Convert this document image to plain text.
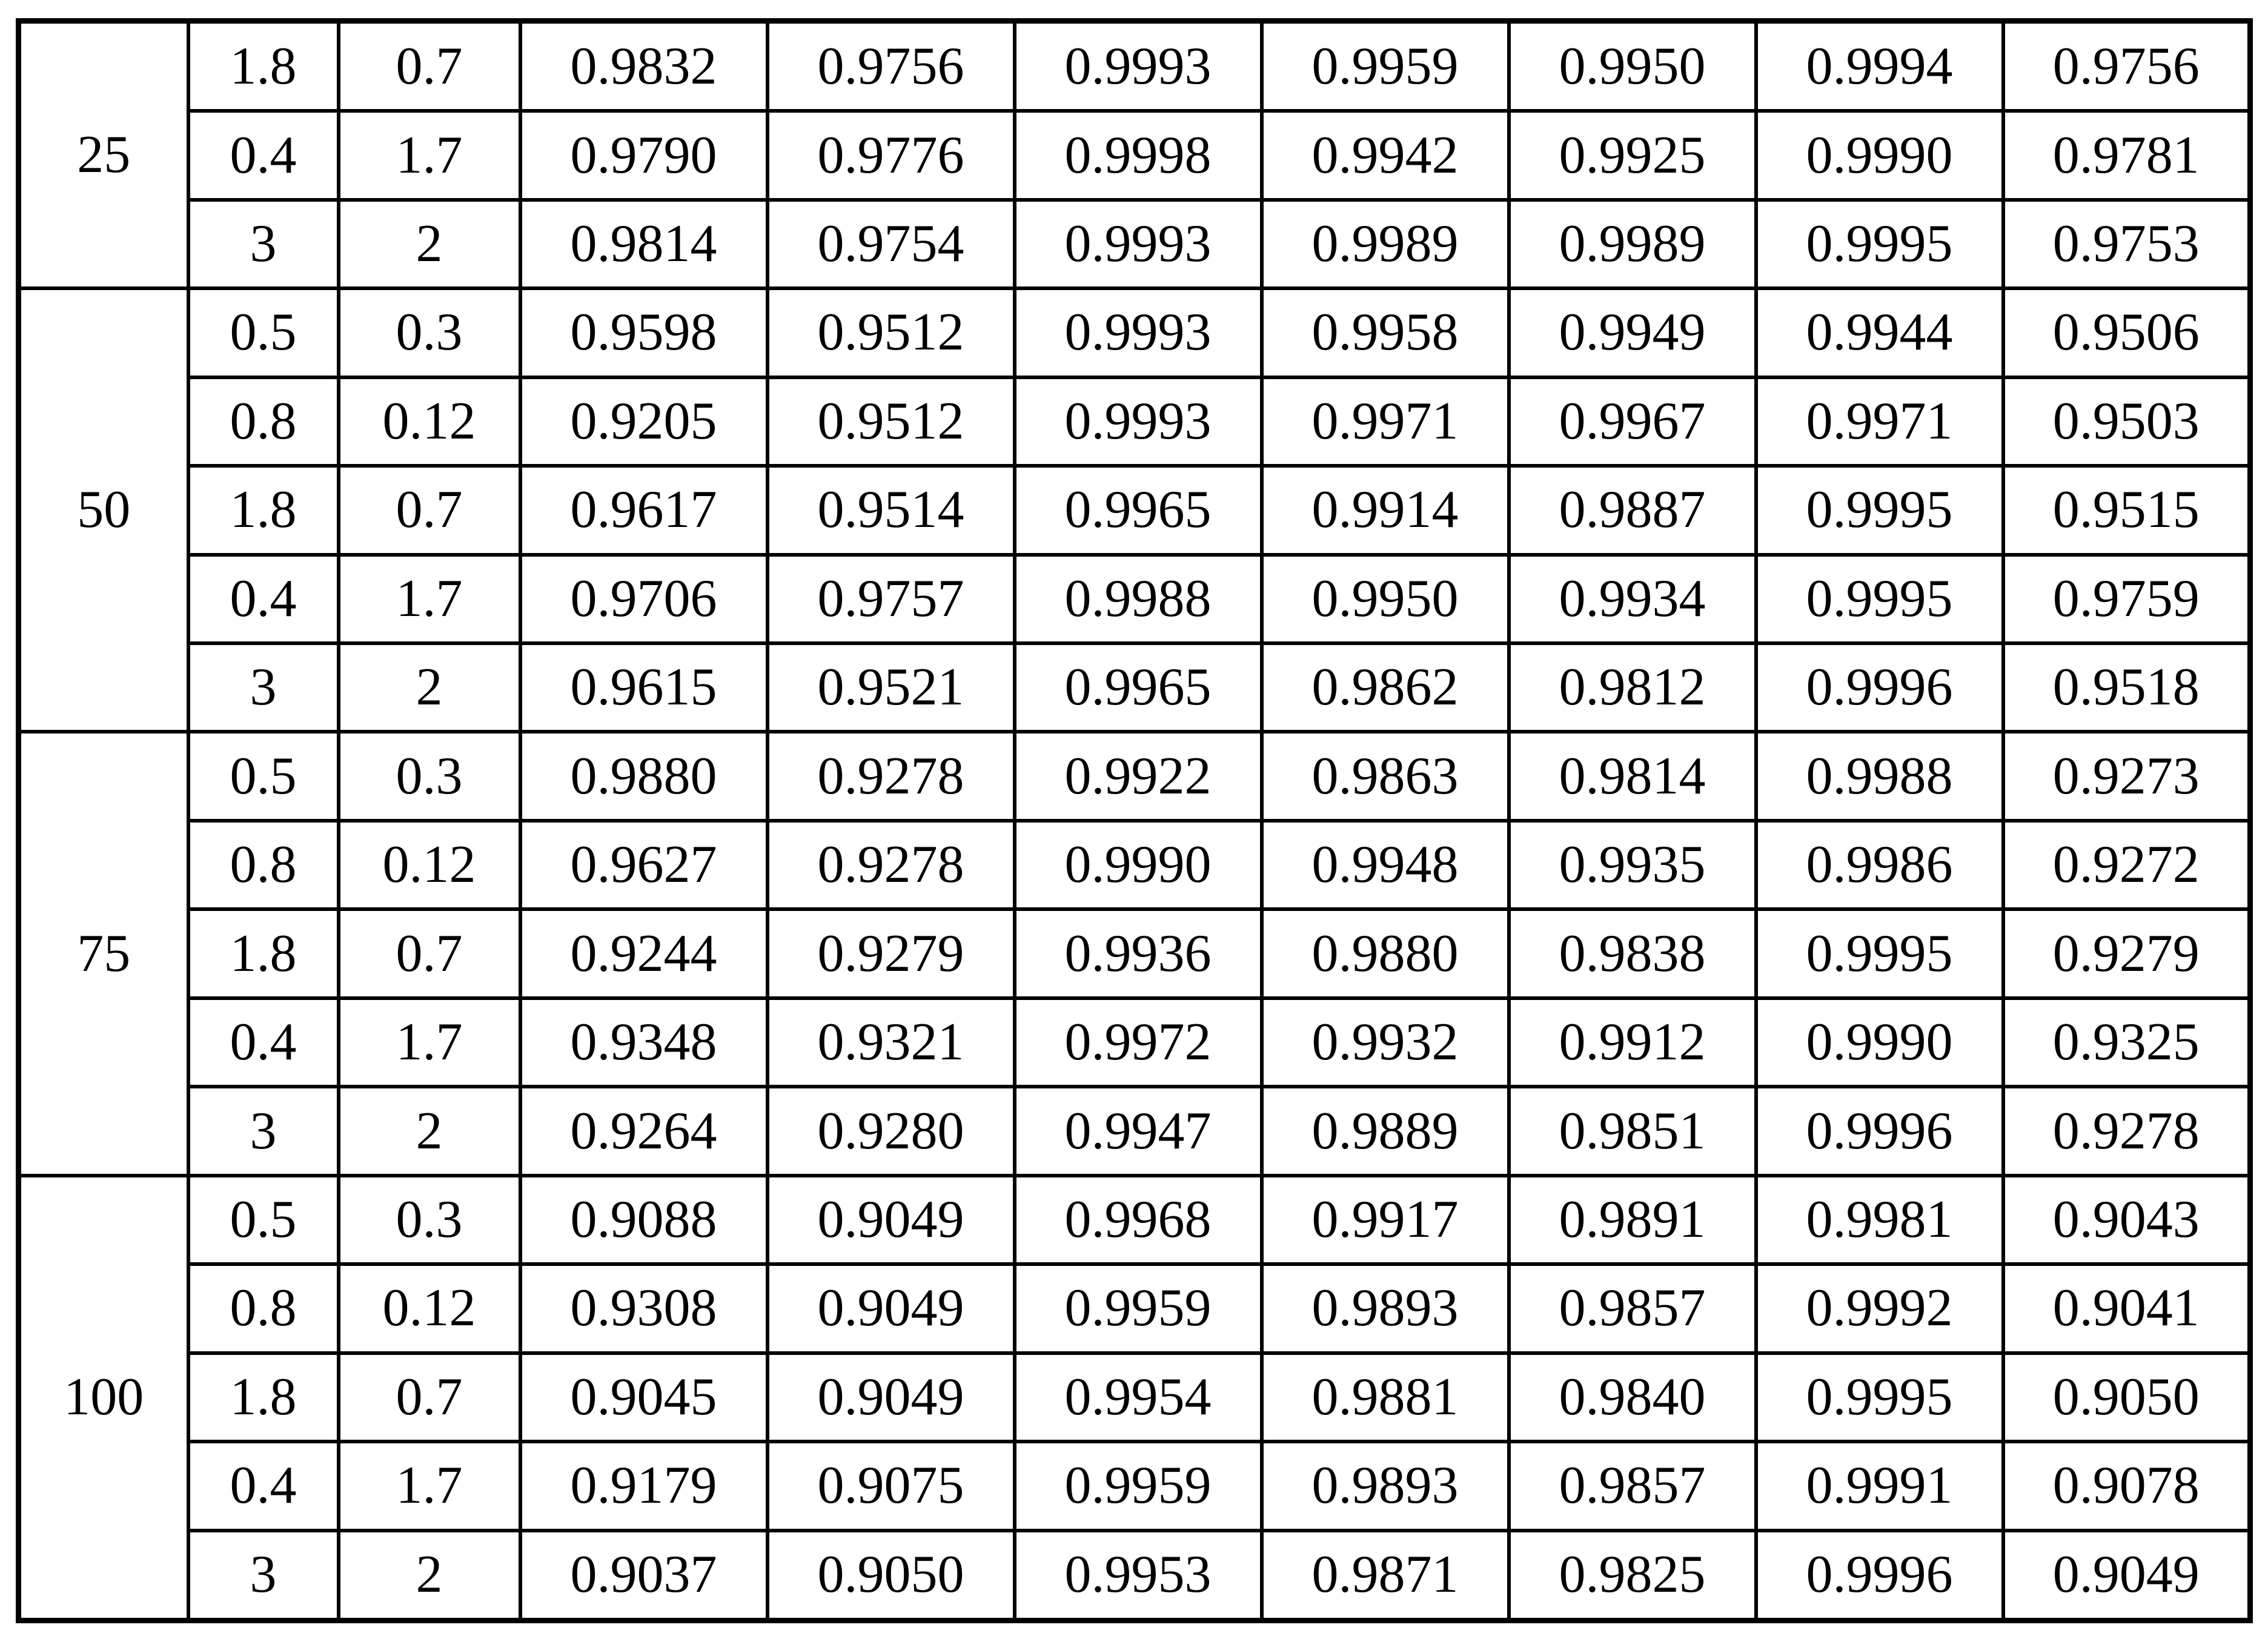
25	1.8	0.7	0.9832	0.9756	0.9993	0.9959	0.9950	0.9994	0.9756
	0.4	1.7	0.9790	0.9776	0.9998	0.9942	0.9925	0.9990	0.9781
	3	2	0.9814	0.9754	0.9993	0.9989	0.9989	0.9995	0.9753
50	0.5	0.3	0.9598	0.9512	0.9993	0.9958	0.9949	0.9944	0.9506
	0.8	0.12	0.9205	0.9512	0.9993	0.9971	0.9967	0.9971	0.9503
	1.8	0.7	0.9617	0.9514	0.9965	0.9914	0.9887	0.9995	0.9515
	0.4	1.7	0.9706	0.9757	0.9988	0.9950	0.9934	0.9995	0.9759
	3	2	0.9615	0.9521	0.9965	0.9862	0.9812	0.9996	0.9518
75	0.5	0.3	0.9880	0.9278	0.9922	0.9863	0.9814	0.9988	0.9273
	0.8	0.12	0.9627	0.9278	0.9990	0.9948	0.9935	0.9986	0.9272
	1.8	0.7	0.9244	0.9279	0.9936	0.9880	0.9838	0.9995	0.9279
	0.4	1.7	0.9348	0.9321	0.9972	0.9932	0.9912	0.9990	0.9325
	3	2	0.9264	0.9280	0.9947	0.9889	0.9851	0.9996	0.9278
100	0.5	0.3	0.9088	0.9049	0.9968	0.9917	0.9891	0.9981	0.9043
	0.8	0.12	0.9308	0.9049	0.9959	0.9893	0.9857	0.9992	0.9041
	1.8	0.7	0.9045	0.9049	0.9954	0.9881	0.9840	0.9995	0.9050
	0.4	1.7	0.9179	0.9075	0.9959	0.9893	0.9857	0.9991	0.9078
	3	2	0.9037	0.9050	0.9953	0.9871	0.9825	0.9996	0.9049
